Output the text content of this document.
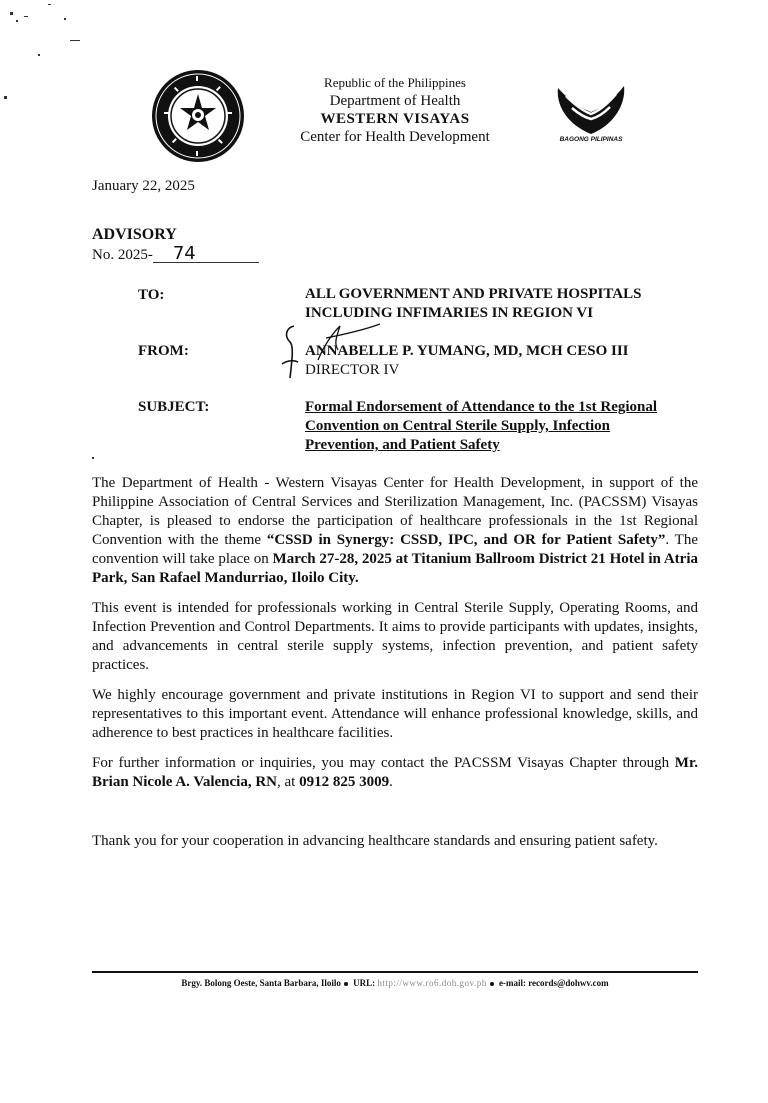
Republic of the Philippines
Department of Health
WESTERN VISAYAS
Center for Health Development	BAGONG PILIPINAS
January 22, 2025
ADVISORY
No. 2025- 74
TO:	ALL GOVERNMENT AND PRIVATE HOSPITALS
INCLUDING INFIMARIES IN REGION VI
FROM:	ANNABELLE P. YUMANG, MD, MCH CESO III
DIRECTOR IV
SUBJECT:	Formal Endorsement of Attendance to the 1st Regional
Convention on Central Sterile Supply, Infection
Prevention, and Patient Safety
The Department of Health - Western Visayas Center for Health Development, in support of the Philippine Association of Central Services and Sterilization Management, Inc. (PACSSM) Visayas Chapter, is pleased to endorse the participation of healthcare professionals in the 1st Regional Convention with the theme “CSSD in Synergy: CSSD, IPC, and OR for Patient Safety”. The convention will take place on March 27-28, 2025 at Titanium Ballroom District 21 Hotel in Atria Park, San Rafael Mandurriao, Iloilo City.
This event is intended for professionals working in Central Sterile Supply, Operating Rooms, and Infection Prevention and Control Departments. It aims to provide participants with updates, insights, and advancements in central sterile supply systems, infection prevention, and patient safety practices.
We highly encourage government and private institutions in Region VI to support and send their representatives to this important event. Attendance will enhance professional knowledge, skills, and adherence to best practices in healthcare facilities.
For further information or inquiries, you may contact the PACSSM Visayas Chapter through Mr. Brian Nicole A. Valencia, RN, at 0912 825 3009.
Thank you for your cooperation in advancing healthcare standards and ensuring patient safety.
Brgy. Bolong Oeste, Santa Barbara, Iloilo URL: http://www.ro6.doh.gov.ph e-mail: records@dohwv.com
